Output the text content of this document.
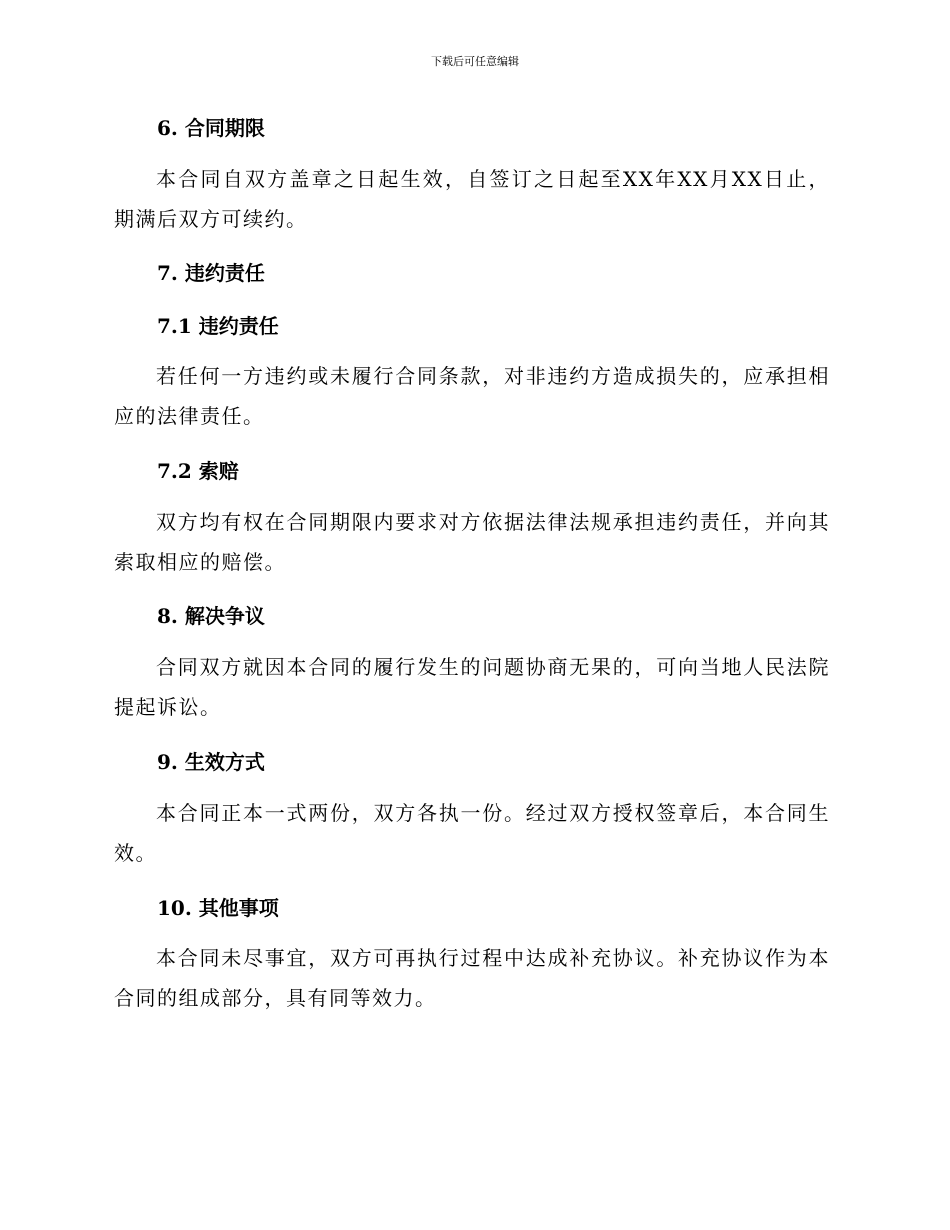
下载后可任意编辑
6. 合同期限
本合同自双方盖章之日起生效，自签订之日起至XX年XX月XX日止，期满后双方可续约。
7. 违约责任
7.1 违约责任
若任何一方违约或未履行合同条款，对非违约方造成损失的，应承担相应的法律责任。
7.2 索赔
双方均有权在合同期限内要求对方依据法律法规承担违约责任，并向其索取相应的赔偿。
8. 解决争议
合同双方就因本合同的履行发生的问题协商无果的，可向当地人民法院提起诉讼。
9. 生效方式
本合同正本一式两份，双方各执一份。经过双方授权签章后，本合同生效。
10. 其他事项
本合同未尽事宜，双方可再执行过程中达成补充协议。补充协议作为本合同的组成部分，具有同等效力。
